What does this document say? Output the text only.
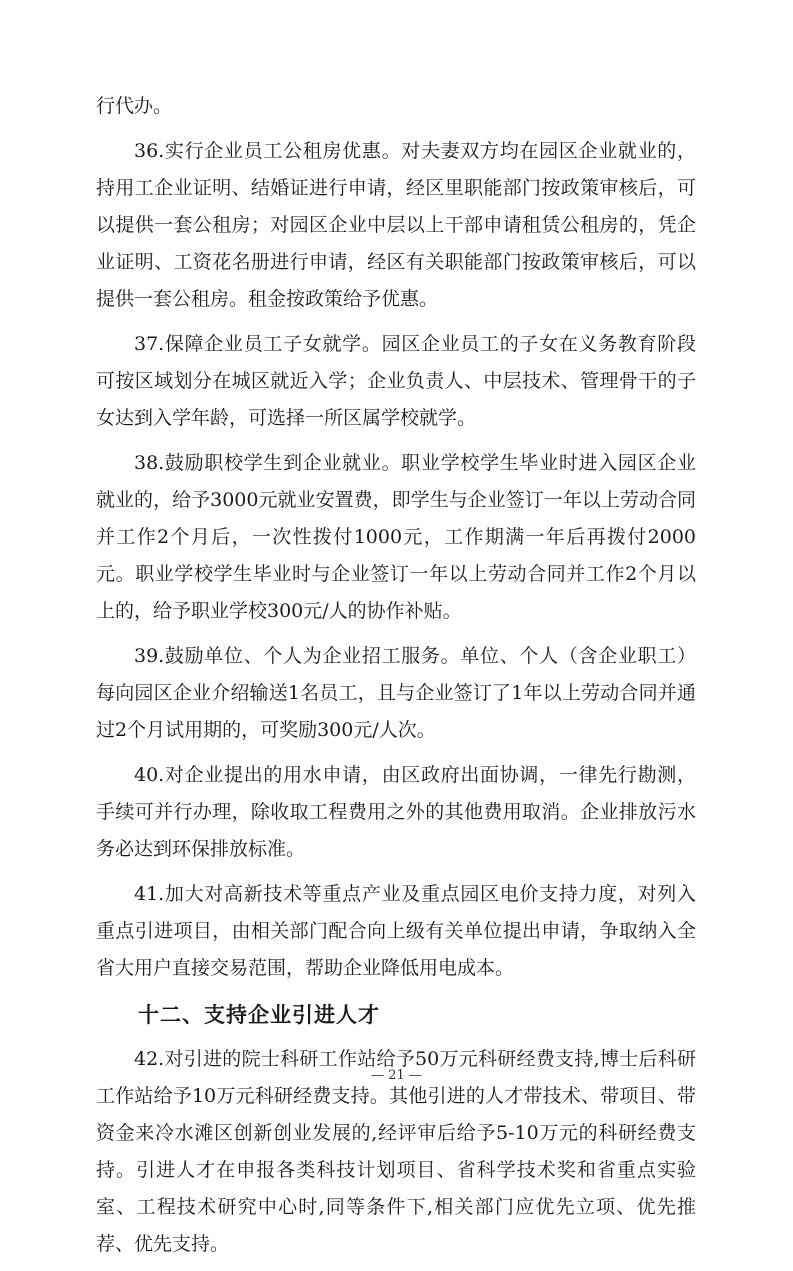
行代办。

36.实行企业员工公租房优惠。对夫妻双方均在园区企业就业的，持用工企业证明、结婚证进行申请，经区里职能部门按政策审核后，可以提供一套公租房；对园区企业中层以上干部申请租赁公租房的，凭企业证明、工资花名册进行申请，经区有关职能部门按政策审核后，可以提供一套公租房。租金按政策给予优惠。

37.保障企业员工子女就学。园区企业员工的子女在义务教育阶段可按区域划分在城区就近入学；企业负责人、中层技术、管理骨干的子女达到入学年龄，可选择一所区属学校就学。

38.鼓励职校学生到企业就业。职业学校学生毕业时进入园区企业就业的，给予3000元就业安置费，即学生与企业签订一年以上劳动合同并工作2个月后，一次性拨付1000元，工作期满一年后再拨付2000元。职业学校学生毕业时与企业签订一年以上劳动合同并工作2个月以上的，给予职业学校300元/人的协作补贴。

39.鼓励单位、个人为企业招工服务。单位、个人（含企业职工）每向园区企业介绍输送1名员工，且与企业签订了1年以上劳动合同并通过2个月试用期的，可奖励300元/人次。

40.对企业提出的用水申请，由区政府出面协调，一律先行勘测，手续可并行办理，除收取工程费用之外的其他费用取消。企业排放污水务必达到环保排放标准。

41.加大对高新技术等重点产业及重点园区电价支持力度，对列入重点引进项目，由相关部门配合向上级有关单位提出申请，争取纳入全省大用户直接交易范围，帮助企业降低用电成本。

十二、支持企业引进人才

42.对引进的院士科研工作站给予50万元科研经费支持,博士后科研工作站给予10万元科研经费支持。其他引进的人才带技术、带项目、带资金来冷水滩区创新创业发展的,经评审后给予5-10万元的科研经费支持。引进人才在申报各类科技计划项目、省科学技术奖和省重点实验室、工程技术研究中心时,同等条件下,相关部门应优先立项、优先推荐、优先支持。

— 21 —
